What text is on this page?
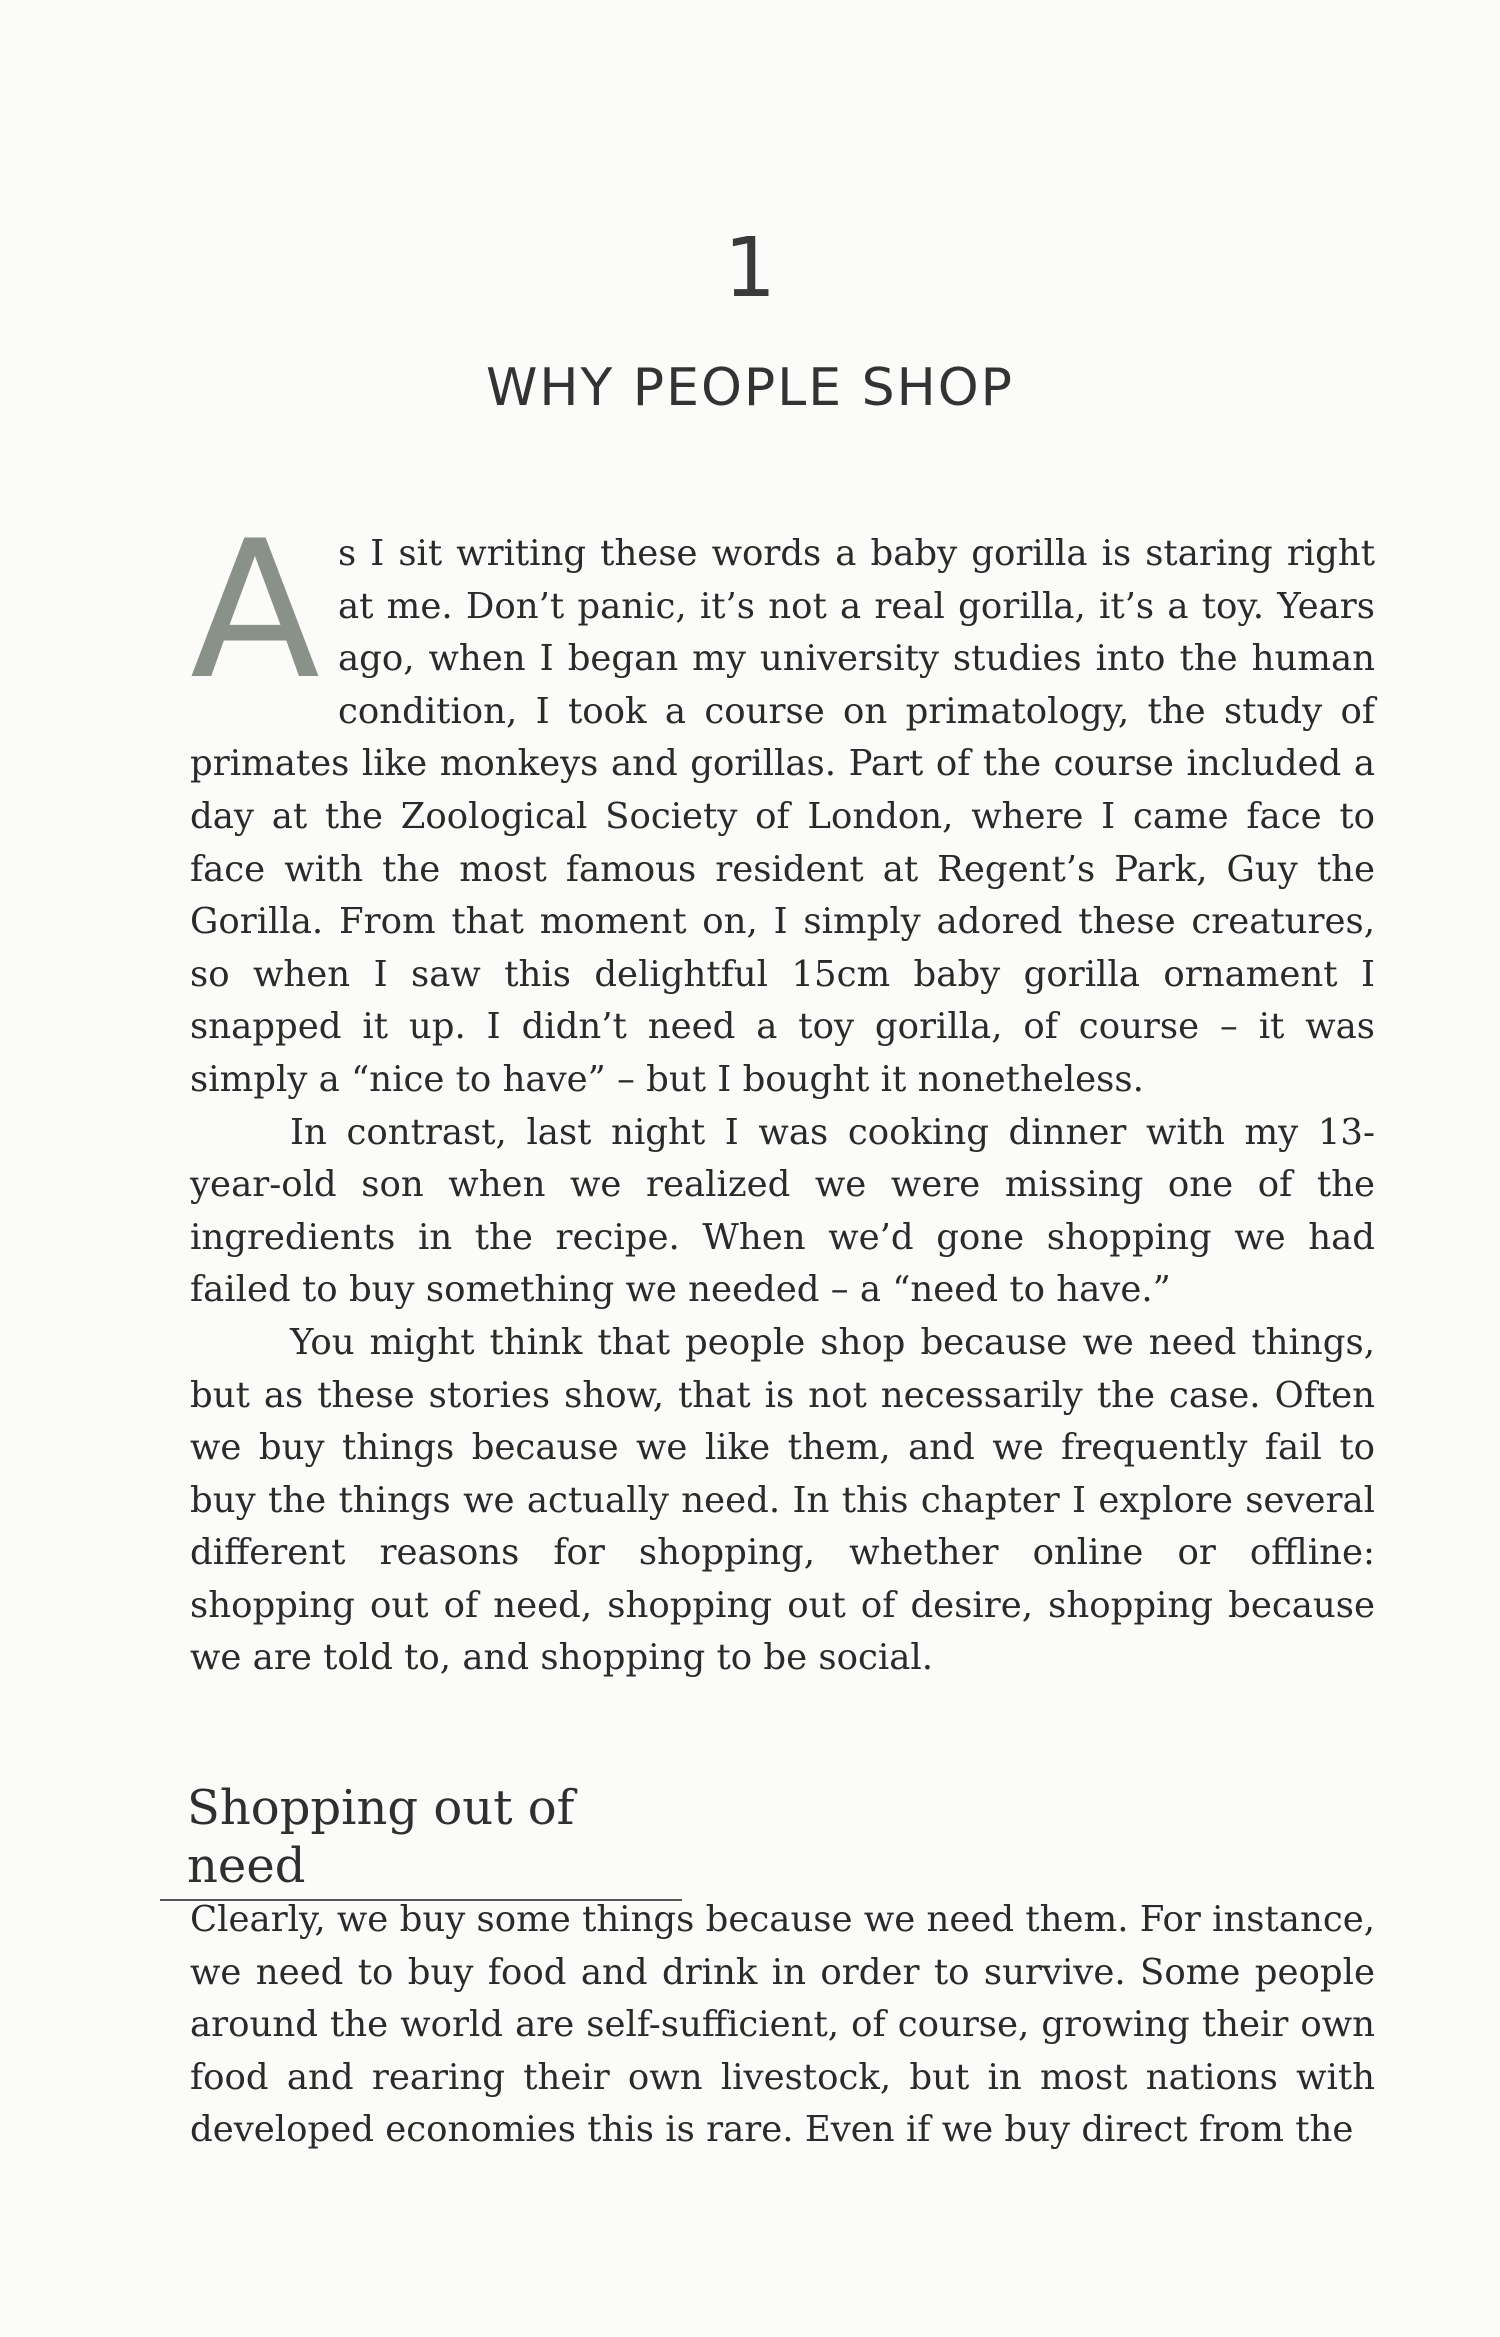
1
WHY PEOPLE SHOP

As I sit writing these words a baby gorilla is staring right at me. Don’t panic, it’s not a real gorilla, it’s a toy. Years ago, when I began my university studies into the human condition, I took a course on primatology, the study of primates like monkeys and gorillas. Part of the course included a day at the Zoological Society of London, where I came face to face with the most famous resident at Regent’s Park, Guy the Gorilla. From that moment on, I simply adored these creatures, so when I saw this delightful 15cm baby gorilla ornament I snapped it up. I didn’t need a toy gorilla, of course – it was simply a “nice to have” – but I bought it nonetheless.

In contrast, last night I was cooking dinner with my 13-year-old son when we realized we were missing one of the ingredients in the recipe. When we’d gone shopping we had failed to buy something we needed – a “need to have.”

You might think that people shop because we need things, but as these stories show, that is not necessarily the case. Often we buy things because we like them, and we frequently fail to buy the things we actually need. In this chapter I explore several different reasons for shopping, whether online or offline: shopping out of need, shopping out of desire, shopping because we are told to, and shopping to be social.

Shopping out of need

Clearly, we buy some things because we need them. For instance, we need to buy food and drink in order to survive. Some people around the world are self-sufficient, of course, growing their own food and rearing their own livestock, but in most nations with developed economies this is rare. Even if we buy direct from the
